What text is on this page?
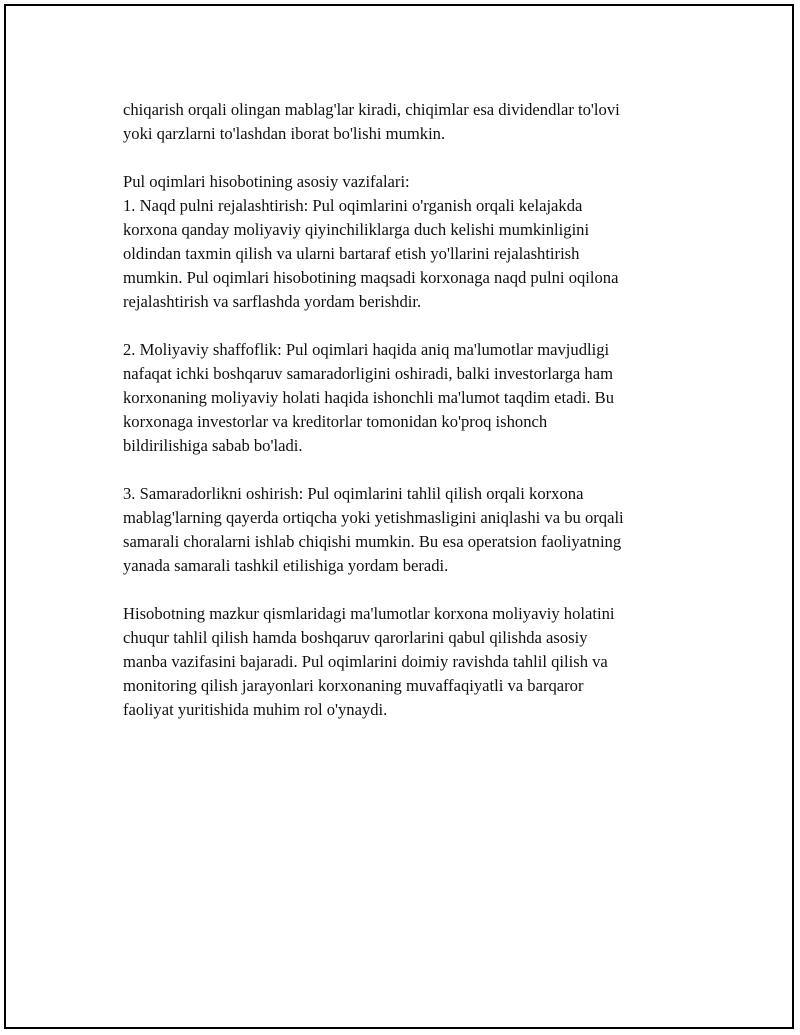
chiqarish orqali olingan mablag'lar kiradi, chiqimlar esa dividendlar to'lovi
yoki qarzlarni to'lashdan iborat bo'lishi mumkin.

Pul oqimlari hisobotining asosiy vazifalari:
1. Naqd pulni rejalashtirish: Pul oqimlarini o'rganish orqali kelajakda
korxona qanday moliyaviy qiyinchiliklarga duch kelishi mumkinligini
oldindan taxmin qilish va ularni bartaraf etish yo'llarini rejalashtirish
mumkin. Pul oqimlari hisobotining maqsadi korxonaga naqd pulni oqilona
rejalashtirish va sarflashda yordam berishdir.

2. Moliyaviy shaffoflik: Pul oqimlari haqida aniq ma'lumotlar mavjudligi
nafaqat ichki boshqaruv samaradorligini oshiradi, balki investorlarga ham
korxonaning moliyaviy holati haqida ishonchli ma'lumot taqdim etadi. Bu
korxonaga investorlar va kreditorlar tomonidan ko'proq ishonch
bildirilishiga sabab bo'ladi.

3. Samaradorlikni oshirish: Pul oqimlarini tahlil qilish orqali korxona
mablag'larning qayerda ortiqcha yoki yetishmasligini aniqlashi va bu orqali
samarali choralarni ishlab chiqishi mumkin. Bu esa operatsion faoliyatning
yanada samarali tashkil etilishiga yordam beradi.

Hisobotning mazkur qismlaridagi ma'lumotlar korxona moliyaviy holatini
chuqur tahlil qilish hamda boshqaruv qarorlarini qabul qilishda asosiy
manba vazifasini bajaradi. Pul oqimlarini doimiy ravishda tahlil qilish va
monitoring qilish jarayonlari korxonaning muvaffaqiyatli va barqaror
faoliyat yuritishida muhim rol o'ynaydi.
